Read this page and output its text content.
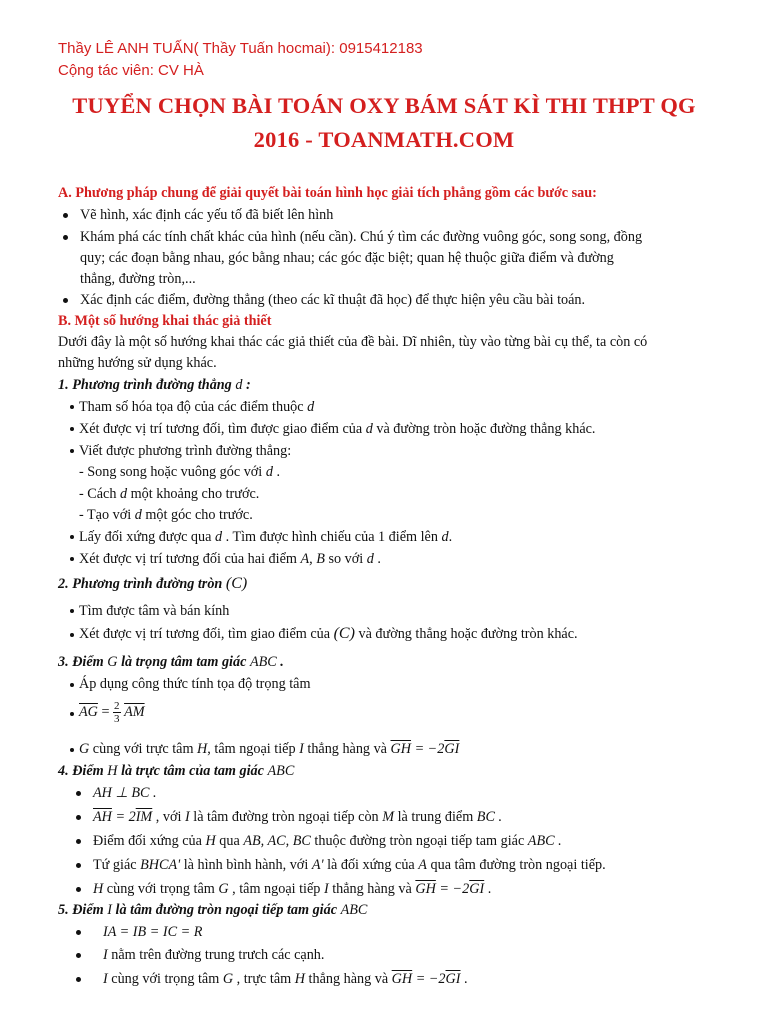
Thầy LÊ ANH TUẤN( Thầy Tuấn hocmai): 0915412183
Cộng tác viên: CV HÀ
TUYỂN CHỌN BÀI TOÁN OXY BÁM SÁT KÌ THI THPT QG
2016 - TOANMATH.COM
A. Phương pháp chung để giải quyết bài toán hình học giải tích phẳng gồm các bước sau:
Vẽ hình, xác định các yếu tố đã biết lên hình
Khám phá các tính chất khác của hình (nếu cần). Chú ý tìm các đường vuông góc, song song, đồng
quy; các đoạn bằng nhau, góc bằng nhau; các góc đặc biệt; quan hệ thuộc giữa điểm và đường
thẳng, đường tròn,...
Xác định các điểm, đường thẳng (theo các kĩ thuật đã học) để thực hiện yêu cầu bài toán.
B. Một số hướng khai thác giả thiết
Dưới đây là một số hướng khai thác các giả thiết của đề bài. Dĩ nhiên, tùy vào từng bài cụ thể, ta còn có
những hướng sử dụng khác.
1. Phương trình đường thẳng d :
Tham số hóa tọa độ của các điểm thuộc d
Xét được vị trí tương đối, tìm được giao điểm của d và đường tròn hoặc đường thẳng khác.
Viết được phương trình đường thẳng:
- Song song hoặc vuông góc với d .
- Cách d một khoảng cho trước.
- Tạo với d một góc cho trước.
Lấy đối xứng được qua d . Tìm được hình chiếu của 1 điểm lên d.
Xét được vị trí tương đối của hai điểm A, B so với d .
2. Phương trình đường tròn (C)
Tìm được tâm và bán kính
Xét được vị trí tương đối, tìm giao điểm của (C) và đường thẳng hoặc đường tròn khác.
3. Điểm G là trọng tâm tam giác ABC .
Áp dụng công thức tính tọa độ trọng tâm
$\overline{AG} = \frac{2}{3} \overline{AM}$
G cùng với trực tâm H, tâm ngoại tiếp I thẳng hàng và $\overline{GH} = -2\overline{GI}$
4. Điểm H là trực tâm của tam giác ABC
AH ⊥ BC .
$\overline{AH} = 2\overline{IM}$ , với I là tâm đường tròn ngoại tiếp còn M là trung điểm BC .
Điểm đối xứng của H qua AB, AC, BC thuộc đường tròn ngoại tiếp tam giác ABC .
Tứ giác BHCA' là hình bình hành, với A' là đối xứng của A qua tâm đường tròn ngoại tiếp.
H cùng với trọng tâm G , tâm ngoại tiếp I thẳng hàng và $\overline{GH} = -2\overline{GI}$ .
5. Điểm I là tâm đường tròn ngoại tiếp tam giác ABC
IA = IB = IC = R
I nằm trên đường trung trưch các cạnh.
I cùng với trọng tâm G , trực tâm H thẳng hàng và $\overline{GH} = -2\overline{GI}$ .
